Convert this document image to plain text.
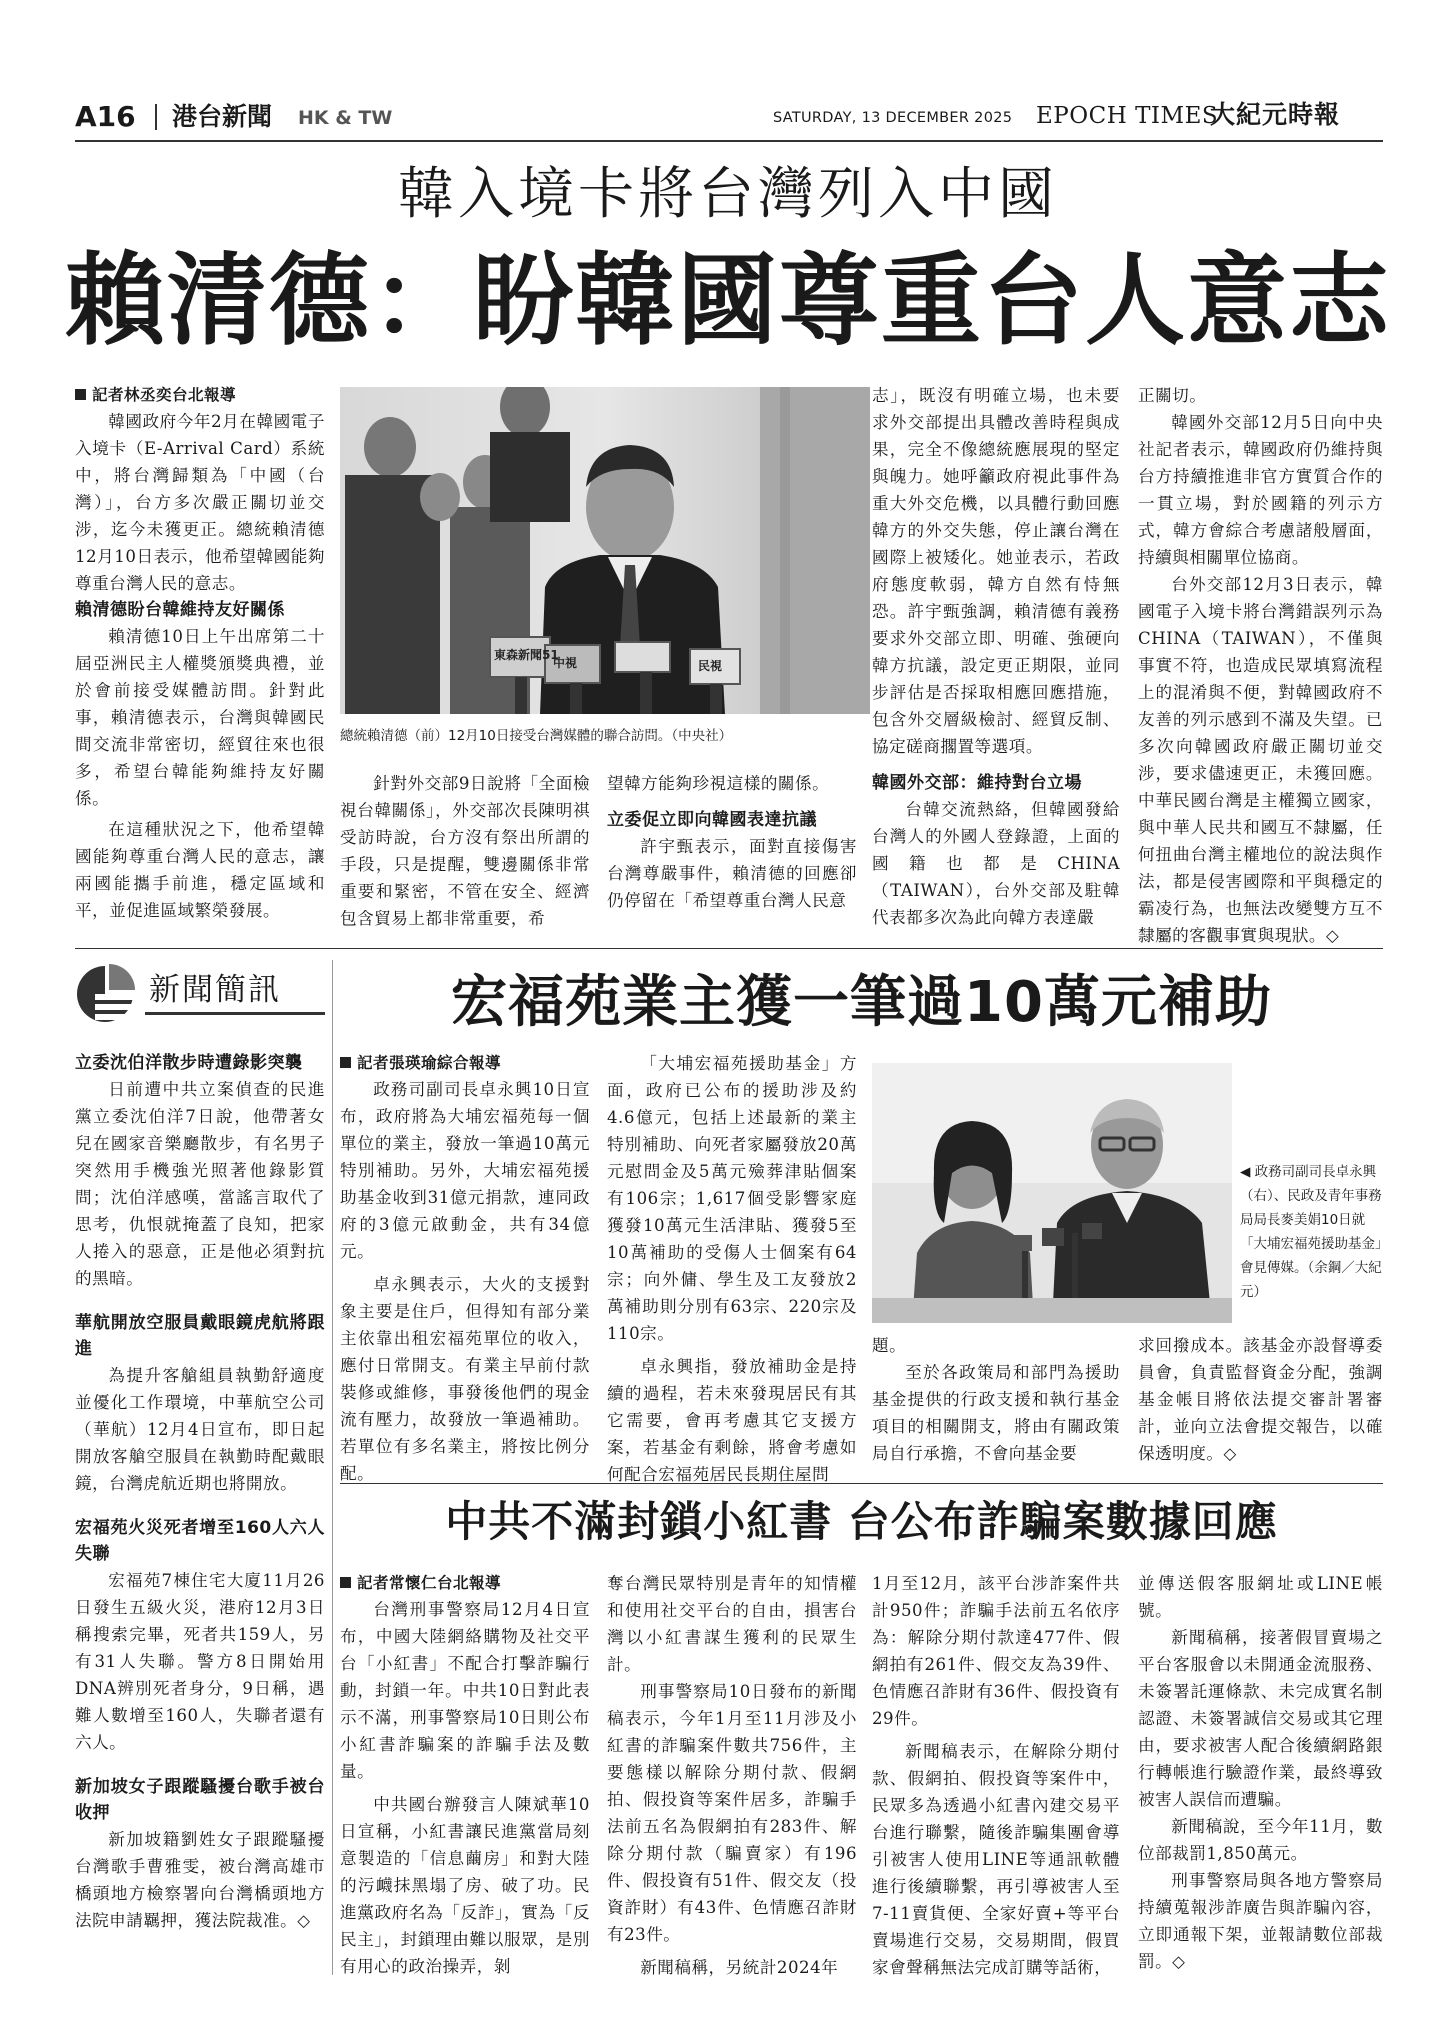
A16 港台新聞 HK & TW	SATURDAY, 13 DECEMBER 2025 EPOCH TIMES
大紀元時報
韓入境卡將台灣列入中國
賴清德：盼韓國尊重台人意志
記者林丞奕台北報導

韓國政府今年2月在韓國電子入境卡（E-Arrival Card）系統中，將台灣歸類為「中國（台灣）」，台方多次嚴正關切並交涉，迄今未獲更正。總統賴清德12月10日表示，他希望韓國能夠尊重台灣人民的意志。

賴清德盼台韓維持友好關係

賴清德10日上午出席第二十屆亞洲民主人權獎頒獎典禮，並於會前接受媒體訪問。針對此事，賴清德表示，台灣與韓國民間交流非常密切，經貿往來也很多，希望台韓能夠維持友好關係。

在這種狀況之下，他希望韓國能夠尊重台灣人民的意志，讓兩國能攜手前進，穩定區域和平，並促進區域繁榮發展。

東森新聞51
中視	民視
總統賴清德（前）12月10日接受台灣媒體的聯合訪問。（中央社）

針對外交部9日說將「全面檢視台韓關係」，外交部次長陳明祺受訪時說，台方沒有祭出所謂的手段，只是提醒，雙邊關係非常重要和緊密，不管在安全、經濟包含貿易上都非常重要，希

望韓方能夠珍視這樣的關係。

立委促立即向韓國表達抗議

許宇甄表示，面對直接傷害台灣尊嚴事件，賴清德的回應卻仍停留在「希望尊重台灣人民意

志」，既沒有明確立場，也未要求外交部提出具體改善時程與成果，完全不像總統應展現的堅定與魄力。她呼籲政府視此事件為重大外交危機，以具體行動回應韓方的外交失態，停止讓台灣在國際上被矮化。她並表示，若政府態度軟弱，韓方自然有恃無恐。許宇甄強調，賴清德有義務要求外交部立即、明確、強硬向韓方抗議，設定更正期限，並同步評估是否採取相應回應措施，包含外交層級檢討、經貿反制、協定磋商擱置等選項。

韓國外交部：維持對台立場

台韓交流熱絡，但韓國發給台灣人的外國人登錄證，上面的國籍也都是CHINA（TAIWAN），台外交部及駐韓代表都多次為此向韓方表達嚴

正關切。

韓國外交部12月5日向中央社記者表示，韓國政府仍維持與台方持續推進非官方實質合作的一貫立場，對於國籍的列示方式，韓方會綜合考慮諸般層面，持續與相關單位協商。

台外交部12月3日表示，韓國電子入境卡將台灣錯誤列示為CHINA（TAIWAN），不僅與事實不符，也造成民眾填寫流程上的混淆與不便，對韓國政府不友善的列示感到不滿及失望。已多次向韓國政府嚴正關切並交涉，要求儘速更正，未獲回應。中華民國台灣是主權獨立國家，與中華人民共和國互不隸屬，任何扭曲台灣主權地位的說法與作法，都是侵害國際和平與穩定的霸凌行為，也無法改變雙方互不隸屬的客觀事實與現狀。◇

新聞簡訊

立委沈伯洋散步時遭錄影突襲

日前遭中共立案偵查的民進黨立委沈伯洋7日說，他帶著女兒在國家音樂廳散步，有名男子突然用手機強光照著他錄影質問；沈伯洋感嘆，當謠言取代了思考，仇恨就掩蓋了良知，把家人捲入的惡意，正是他必須對抗的黑暗。

華航開放空服員戴眼鏡虎航將跟進

為提升客艙組員執勤舒適度並優化工作環境，中華航空公司（華航）12月4日宣布，即日起開放客艙空服員在執勤時配戴眼鏡，台灣虎航近期也將開放。

宏福苑火災死者增至160人六人失聯

宏福苑7棟住宅大廈11月26日發生五級火災，港府12月3日稱搜索完畢，死者共159人，另有31人失聯。警方8日開始用DNA辨別死者身分，9日稱，遇難人數增至160人，失聯者還有六人。

新加坡女子跟蹤騷擾台歌手被台收押

新加坡籍劉姓女子跟蹤騷擾台灣歌手曹雅雯，被台灣高雄市橋頭地方檢察署向台灣橋頭地方法院申請羈押，獲法院裁准。◇

宏福苑業主獲一筆過10萬元補助
記者張瑛瑜綜合報導

政務司副司長卓永興10日宣布，政府將為大埔宏福苑每一個單位的業主，發放一筆過10萬元特別補助。另外，大埔宏福苑援助基金收到31億元捐款，連同政府的3億元啟動金，共有34億元。

卓永興表示，大火的支援對象主要是住戶，但得知有部分業主依靠出租宏福苑單位的收入，應付日常開支。有業主早前付款裝修或維修，事發後他們的現金流有壓力，故發放一筆過補助。若單位有多名業主，將按比例分配。

「大埔宏福苑援助基金」方面，政府已公布的援助涉及約4.6億元，包括上述最新的業主特別補助、向死者家屬發放20萬元慰問金及5萬元殮葬津貼個案有106宗；1,617個受影響家庭獲發10萬元生活津貼、獲發5至10萬補助的受傷人士個案有64宗；向外傭、學生及工友發放2萬補助則分別有63宗、220宗及110宗。

卓永興指，發放補助金是持續的過程，若未來發現居民有其它需要，會再考慮其它支援方案，若基金有剩餘，將會考慮如何配合宏福苑居民長期住屋問

◀ 政務司副司長卓永興（右）、民政及青年事務局局長麥美娟10日就「大埔宏福苑援助基金」會見傳媒。（余鋼／大紀元）

題。

至於各政策局和部門為援助基金提供的行政支援和執行基金項目的相關開支，將由有關政策局自行承擔，不會向基金要

求回撥成本。該基金亦設督導委員會，負責監督資金分配，強調基金帳目將依法提交審計署審計，並向立法會提交報告，以確保透明度。◇

中共不滿封鎖小紅書 台公布詐騙案數據回應
記者常懷仁台北報導

台灣刑事警察局12月4日宣布，中國大陸網絡購物及社交平台「小紅書」不配合打擊詐騙行動，封鎖一年。中共10日對此表示不滿，刑事警察局10日則公布小紅書詐騙案的詐騙手法及數量。

中共國台辦發言人陳斌華10日宣稱，小紅書讓民進黨當局刻意製造的「信息繭房」和對大陸的污衊抹黑塌了房、破了功。民進黨政府名為「反詐」，實為「反民主」，封鎖理由難以服眾，是別有用心的政治操弄，剝

奪台灣民眾特別是青年的知情權和使用社交平台的自由，損害台灣以小紅書謀生獲利的民眾生計。

刑事警察局10日發布的新聞稿表示，今年1月至11月涉及小紅書的詐騙案件數共756件，主要態樣以解除分期付款、假網拍、假投資等案件居多，詐騙手法前五名為假網拍有283件、解除分期付款（騙賣家）有196件、假投資有51件、假交友（投資詐財）有43件、色情應召詐財有23件。

新聞稿稱，另統計2024年

1月至12月，該平台涉詐案件共計950件；詐騙手法前五名依序為：解除分期付款達477件、假網拍有261件、假交友為39件、色情應召詐財有36件、假投資有29件。

新聞稿表示，在解除分期付款、假網拍、假投資等案件中，民眾多為透過小紅書內建交易平台進行聯繫，隨後詐騙集團會導引被害人使用LINE等通訊軟體進行後續聯繫，再引導被害人至7-11賣貨便、全家好賣+等平台賣場進行交易，交易期間，假買家會聲稱無法完成訂購等話術，

並傳送假客服網址或LINE帳號。

新聞稿稱，接著假冒賣場之平台客服會以未開通金流服務、未簽署託運條款、未完成實名制認證、未簽署誠信交易或其它理由，要求被害人配合後續網路銀行轉帳進行驗證作業，最終導致被害人誤信而遭騙。

新聞稿說，至今年11月，數位部裁罰1,850萬元。

刑事警察局與各地方警察局持續蒐報涉詐廣告與詐騙內容，立即通報下架，並報請數位部裁罰。◇
